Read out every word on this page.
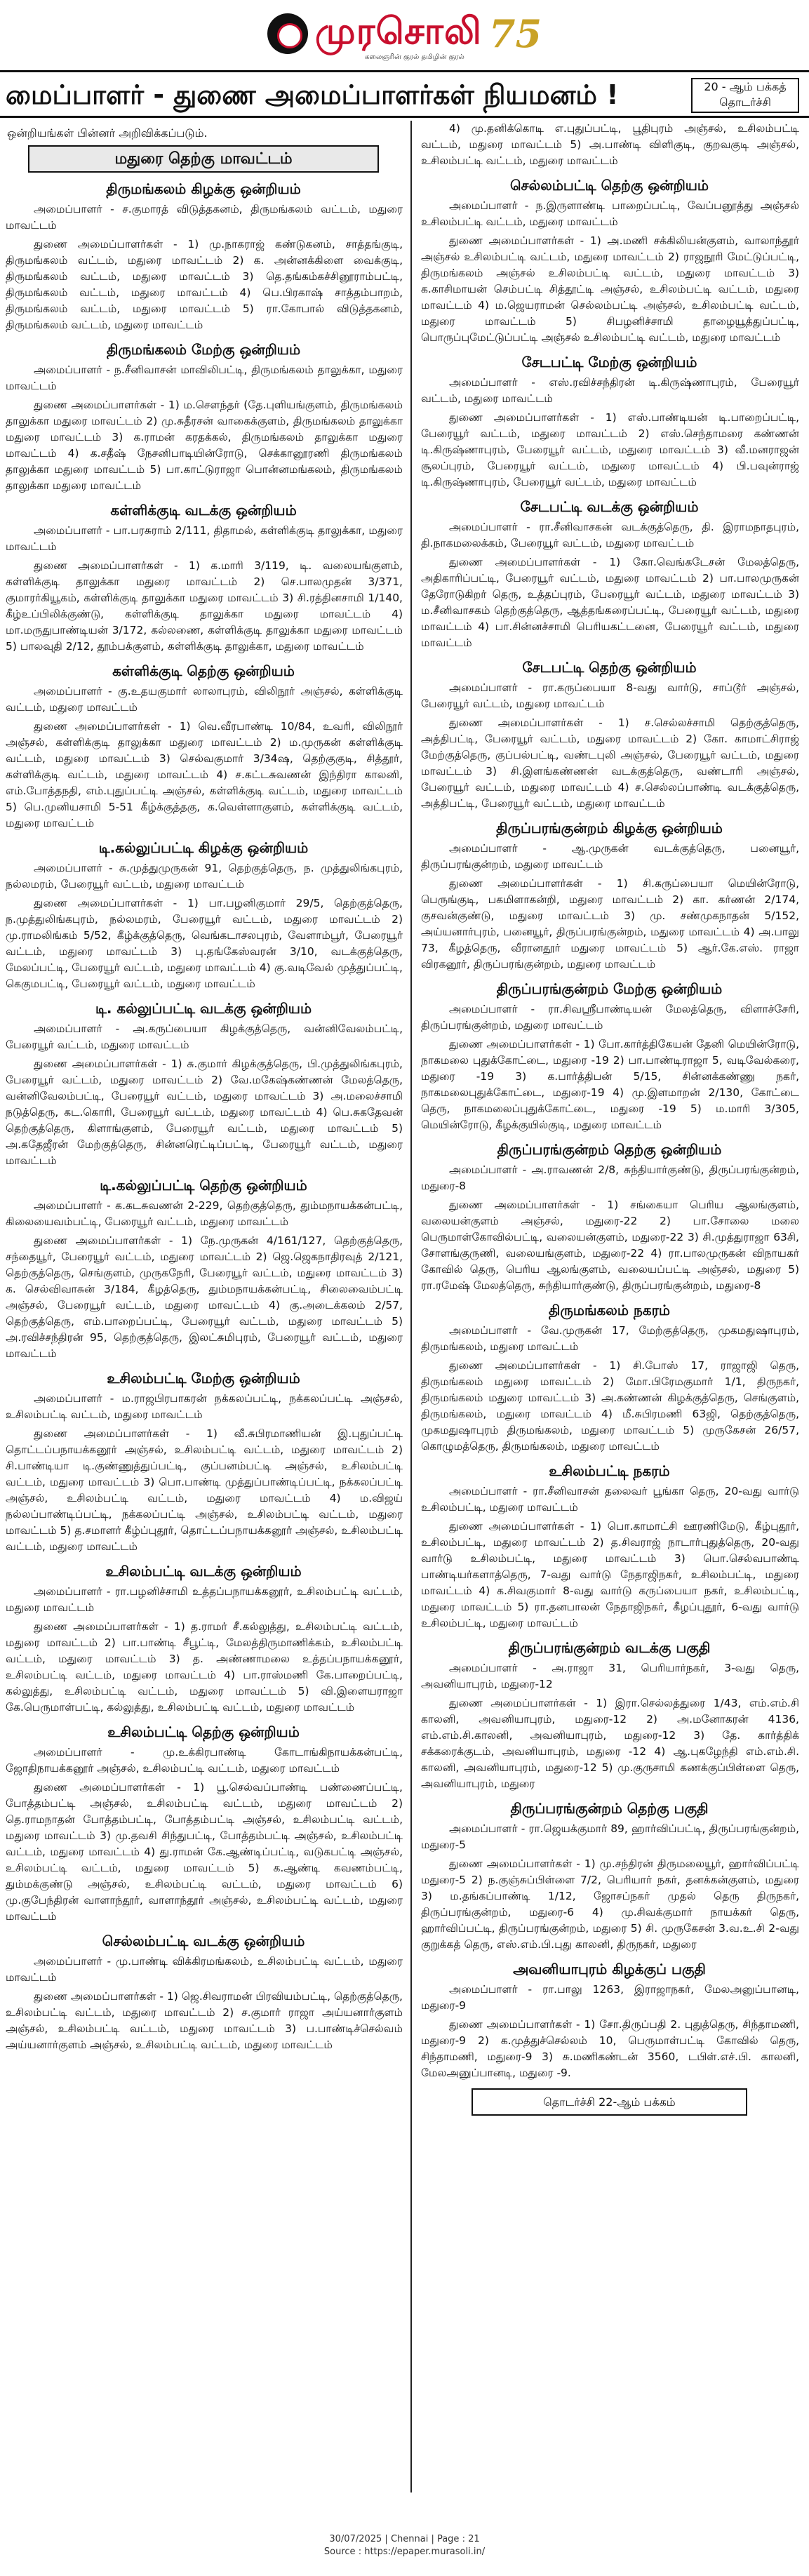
முரசொலி 75
கலைஞரின் குரல் தமிழின் குரல்
மைப்பாளர் - துணை அமைப்பாளர்கள் நியமனம் !	20 - ஆம் பக்கத்
தொடர்ச்சி
ஒன்றியங்கள் பின்னர் அறிவிக்கப்படும்.
மதுரை தெற்கு மாவட்டம்
திருமங்கலம் கிழக்கு ஒன்றியம்
அமைப்பாளர் - ச.குமாரத் விடுத்தகனம், திருமங்கலம் வட்டம், மதுரை மாவட்டம்
துணை அமைப்பாளர்கள் - 1) மு.நாகராஜ் கண்டுகனம், சாத்தங்குடி, திருமங்கலம் வட்டம், மதுரை மாவட்டம் 2) க. அன்னக்கிளை வைக்குடி, திருமங்கலம் வட்டம், மதுரை மாவட்டம் 3) தெ.தங்கம்கச்சினூராம்பட்டி, திருமங்கலம் வட்டம், மதுரை மாவட்டம் 4) பெ.பிரகாஷ் சாத்தம்பாறம், திருமங்கலம் வட்டம், மதுரை மாவட்டம் 5) ரா.கோபால் விடுத்தகனம், திருமங்கலம் வட்டம், மதுரை மாவட்டம்
திருமங்கலம் மேற்கு ஒன்றியம்
அமைப்பாளர் - ந.சீனிவாசன் மாவிலிபட்டி, திருமங்கலம் தாலுக்கா, மதுரை மாவட்டம்
துணை அமைப்பாளர்கள் - 1) ம.செளந்தர் (தே.புளியங்குளம், திருமங்கலம் தாலுக்கா மதுரை மாவட்டம் 2) மு.சுதீரசன் வாகைக்குளம், திருமங்கலம் தாலுக்கா மதுரை மாவட்டம் 3) க.ராமன் கரதக்கல், திருமங்கலம் தாலுக்கா மதுரை மாவட்டம் 4) க.சதீஷ் நேசனிபாடியின்ரோடு, செக்கானூரணி திருமங்கலம் தாலுக்கா மதுரை மாவட்டம் 5) பா.காட்டுராஜா பொன்னமங்கலம், திருமங்கலம் தாலுக்கா மதுரை மாவட்டம்
கள்ளிக்குடி வடக்கு ஒன்றியம்
அமைப்பாளர் - பா.பரசுராம் 2/111, திதாமல், கள்ளிக்குடி தாலுக்கா, மதுரை மாவட்டம்
துணை அமைப்பாளர்கள் - 1) க.மாரி 3/119, டி. வலையங்குளம், கள்ளிக்குடி தாலுக்கா மதுரை மாவட்டம் 2) செ.பாலமுதன் 3/371, குமாரர்கியூகம், கள்ளிக்குடி தாலுக்கா மதுரை மாவட்டம் 3) சி.ரத்தினசாமி 1/140, கீழ்உப்பிலிக்குண்டு, கள்ளிக்குடி தாலுக்கா மதுரை மாவட்டம் 4) மா.மருதுபாண்டியன் 3/172, கல்லணை, கள்ளிக்குடி தாலுக்கா மதுரை மாவட்டம் 5) பாலவுதி 2/12, தூம்பக்குளம், கள்ளிக்குடி தாலுக்கா, மதுரை மாவட்டம்
கள்ளிக்குடி தெற்கு ஒன்றியம்
அமைப்பாளர் - கு.உதயகுமார் லாலாபுரம், விலிநூர் அஞ்சல், கள்ளிக்குடி வட்டம், மதுரை மாவட்டம்
துணை அமைப்பாளர்கள் - 1) வெ.வீரபாண்டி 10/84, உவரி, விலிநூர் அஞ்சல், கள்ளிக்குடி தாலுக்கா மதுரை மாவட்டம் 2) ம.முருகன் கள்ளிக்குடி வட்டம், மதுரை மாவட்டம் 3) செல்வகுமார் 3/34ஷ, தெற்குகுடி, சித்தூர், கள்ளிக்குடி வட்டம், மதுரை மாவட்டம் 4) ச.கட்டசுவணன் இந்திரா காலனி, எம்.போத்தநதி, எம்.புதுப்பட்டி அஞ்சல், கள்ளிக்குடி வட்டம், மதுரை மாவட்டம் 5) பெ.முனியசாமி 5-51 கீழ்க்குத்தகு, க.வெள்ளாகுளம், கள்ளிக்குடி வட்டம், மதுரை மாவட்டம்
டி.கல்லுப்பட்டி கிழக்கு ஒன்றியம்
அமைப்பாளர் - சு.முத்துமுருகன் 91, தெற்குத்தெரு, ந. முத்துலிங்கபுரம், நல்லமரம், பேரையூர் வட்டம், மதுரை மாவட்டம்
துணை அமைப்பாளர்கள் - 1) பா.பழனிகுமார் 29/5, தெற்குத்தெரு, ந.முத்துலிங்கபுரம், நல்லமரம், பேரையூர் வட்டம், மதுரை மாவட்டம் 2) மு.ராமலிங்கம் 5/52, கீழ்க்குத்தெரு, வெங்கடாசலபுரம், வேளாம்பூர், பேரையூர் வட்டம், மதுரை மாவட்டம் 3) பு.தங்கேஸ்வரன் 3/10, வடக்குத்தெரு, மேலப்பட்டி, பேரையூர் வட்டம், மதுரை மாவட்டம் 4) கு.வடிவேல் முத்துப்பட்டி, கெகுமபட்டி, பேரையூர் வட்டம், மதுரை மாவட்டம்
டி. கல்லுப்பட்டி வடக்கு ஒன்றியம்
அமைப்பாளர் - அ.கருப்பையா கிழக்குத்தெரு, வன்னிவேலம்பட்டி, பேரையூர் வட்டம், மதுரை மாவட்டம்
துணை அமைப்பாளர்கள் - 1) சு.குமார் கிழக்குத்தெரு, பி.முத்துலிங்கபுரம், பேரையூர் வட்டம், மதுரை மாவட்டம் 2) வே.மகேஷ்கண்ணன் மேலத்தெரு, வன்னிவேலம்பட்டி, பேரையூர் வட்டம், மதுரை மாவட்டம் 3) அ.மலைச்சாமி நடுத்தெரு, கட.கொரி, பேரையூர் வட்டம், மதுரை மாவட்டம் 4) பெ.சுகதேவன் தெற்குத்தெரு, கிளாங்குளம், பேரையூர் வட்டம், மதுரை மாவட்டம் 5) அ.கதேஜீரன் மேற்குத்தெரு, சின்னரெட்டிப்பட்டி, பேரையூர் வட்டம், மதுரை மாவட்டம்
டி.கல்லுப்பட்டி தெற்கு ஒன்றியம்
அமைப்பாளர் - க.கடசுவணன் 2-229, தெற்குத்தெரு, தும்மநாயக்கன்பட்டி, கிலையைவம்பட்டி, பேரையூர் வட்டம், மதுரை மாவட்டம்
துணை அமைப்பாளர்கள் - 1) நே.முருகன் 4/161/127, தெற்குத்தெரு, சந்தையூர், பேரையூர் வட்டம், மதுரை மாவட்டம் 2) ஜெ.ஜெகநாதிரவுத் 2/121, தெற்குத்தெரு, செங்குளம், முருகநேரி, பேரையூர் வட்டம், மதுரை மாவட்டம் 3) க. செல்விவாசுன் 3/184, கீழத்தெரு, தும்மநாயக்கன்பட்டி, சிலைவைம்பட்டி அஞ்சல், பேரையூர் வட்டம், மதுரை மாவட்டம் 4) கு.அடைக்கலம் 2/57, தெற்குத்தெரு, எம்.பாறைப்பட்டி, பேரையூர் வட்டம், மதுரை மாவட்டம் 5) அ.ரவிச்சந்திரன் 95, தெற்குத்தெரு, இலட்சுமிபுரம், பேரையூர் வட்டம், மதுரை மாவட்டம்
உசிலம்பட்டி மேற்கு ஒன்றியம்
அமைப்பாளர் - ம.ராஜபிரபாகரன் நக்கலப்பட்டி, நக்கலப்பட்டி அஞ்சல், உசிலம்பட்டி வட்டம், மதுரை மாவட்டம்
துணை அமைப்பாளர்கள் - 1) வீ.சுபிரமாணியன் இ.புதுப்பட்டி தொட்டப்பநாயக்கனூர் அஞ்சல், உசிலம்பட்டி வட்டம், மதுரை மாவட்டம் 2) சி.பாண்டியா டி.குண்ணுத்துப்பட்டி, குப்பனம்பட்டி அஞ்சல், உசிலம்பட்டி வட்டம், மதுரை மாவட்டம் 3) பொ.பாண்டி முத்துப்பாண்டிப்பட்டி, நக்கலப்பட்டி அஞ்சல், உசிலம்பட்டி வட்டம், மதுரை மாவட்டம் 4) ம.விஜய் நல்லப்பாண்டிப்பட்டி, நக்கலப்பட்டி அஞ்சல், உசிலம்பட்டி வட்டம், மதுரை மாவட்டம் 5) த.சமாளர் கீழ்ப்புதூர், தொட்டப்பநாயக்கனூர் அஞ்சல், உசிலம்பட்டி வட்டம், மதுரை மாவட்டம்
உசிலம்பட்டி வடக்கு ஒன்றியம்
அமைப்பாளர் - ரா.பழனிச்சாமி உத்தப்பநாயக்கனூர், உசிலம்பட்டி வட்டம், மதுரை மாவட்டம்
துணை அமைப்பாளர்கள் - 1) த.ராமர் சீ.கல்லுத்து, உசிலம்பட்டி வட்டம், மதுரை மாவட்டம் 2) பா.பாண்டி சீபூட்டி, மேலத்திருமாணிக்கம், உசிலம்பட்டி வட்டம், மதுரை மாவட்டம் 3) த. அண்ணாமலை உத்தப்பநாயக்கனூர், உசிலம்பட்டி வட்டம், மதுரை மாவட்டம் 4) பா.ராஸ்மணி கே.பாறைப்பட்டி, கல்லுத்து, உசிலம்பட்டி வட்டம், மதுரை மாவட்டம் 5) வி.இளையராஜா கே.பெருமாள்பட்டி, கல்லுத்து, உசிலம்பட்டி வட்டம், மதுரை மாவட்டம்
உசிலம்பட்டி தெற்கு ஒன்றியம்
அமைப்பாளர் - மு.உக்கிரபாண்டி கோடாங்கிநாயக்கன்பட்டி, ஜோதிநாயக்கனூர் அஞ்சல், உசிலம்பட்டி வட்டம், மதுரை மாவட்டம்
துணை அமைப்பாளர்கள் - 1) பூ.செல்வப்பாண்டி பண்ணைப்பட்டி, போத்தம்பட்டி அஞ்சல், உசிலம்பட்டி வட்டம், மதுரை மாவட்டம் 2) தெ.ராமநாதன் போத்தம்பட்டி, போத்தம்பட்டி அஞ்சல், உசிலம்பட்டி வட்டம், மதுரை மாவட்டம் 3) மு.தவசி சிந்துபட்டி, போத்தம்பட்டி அஞ்சல், உசிலம்பட்டி வட்டம், மதுரை மாவட்டம் 4) து.ராமன் கே.ஆண்டிப்பட்டி, வடுகபட்டி அஞ்சல், உசிலம்பட்டி வட்டம், மதுரை மாவட்டம் 5) க.ஆண்டி கவணம்பட்டி, தும்மக்குண்டு அஞ்சல், உசிலம்பட்டி வட்டம், மதுரை மாவட்டம் 6) மு.குபேந்திரன் வாளாந்தூர், வாளாந்தூர் அஞ்சல், உசிலம்பட்டி வட்டம், மதுரை மாவட்டம்
செல்லம்பட்டி வடக்கு ஒன்றியம்
அமைப்பாளர் - மு.பாண்டி விக்கிரமங்கலம், உசிலம்பட்டி வட்டம், மதுரை மாவட்டம்
துணை அமைப்பாளர்கள் - 1) ஜெ.சிவராமன் பிரவியம்பட்டி, தெற்குத்தெரு, உசிலம்பட்டி வட்டம், மதுரை மாவட்டம் 2) ச.குமார் ராஜா அய்யனார்குளம் அஞ்சல், உசிலம்பட்டி வட்டம், மதுரை மாவட்டம் 3) ப.பாண்டிச்செல்வம் அய்யனார்குளம் அஞ்சல், உசிலம்பட்டி வட்டம், மதுரை மாவட்டம்
4) மு.தனிக்கொடி எ.புதுப்பட்டி, பூதிபுரம் அஞ்சல், உசிலம்பட்டி வட்டம், மதுரை மாவட்டம் 5) அ.பாண்டி விளிகுடி, குறவகுடி அஞ்சல், உசிலம்பட்டி வட்டம், மதுரை மாவட்டம்
செல்லம்பட்டி தெற்கு ஒன்றியம்
அமைப்பாளர் - ந.இருளாண்டி பாறைப்பட்டி, வேப்பனூத்து அஞ்சல் உசிலம்பட்டி வட்டம், மதுரை மாவட்டம்
துணை அமைப்பாளர்கள் - 1) அ.மணி சக்கிலியன்குளம், வாலாந்தூர் அஞ்சல் உசிலம்பட்டி வட்டம், மதுரை மாவட்டம் 2) ராஜநூரி மேட்டுப்பட்டி, திருமங்கலம் அஞ்சல் உசிலம்பட்டி வட்டம், மதுரை மாவட்டம் 3) க.காசிமாயன் செம்பட்டி சித்தூட்டி அஞ்சல், உசிலம்பட்டி வட்டம், மதுரை மாவட்டம் 4) ம.ஜெயராமன் செல்லம்பட்டி அஞ்சல், உசிலம்பட்டி வட்டம், மதுரை மாவட்டம் 5) சிபழனிச்சாமி தாழையூத்துப்பட்டி, பொருப்புமேட்டுப்பட்டி அஞ்சல் உசிலம்பட்டி வட்டம், மதுரை மாவட்டம்
சேடபட்டி மேற்கு ஒன்றியம்
அமைப்பாளர் - எஸ்.ரவிச்சந்திரன் டி.கிருஷ்ணாபுரம், பேரையூர் வட்டம், மதுரை மாவட்டம்
துணை அமைப்பாளர்கள் - 1) எஸ்.பாண்டியன் டி.பாறைப்பட்டி, பேரையூர் வட்டம், மதுரை மாவட்டம் 2) எஸ்.செந்தாமரை கண்ணன் டி.கிருஷ்ணாபுரம், பேரையூர் வட்டம், மதுரை மாவட்டம் 3) வீ.மனராஜன் சூலப்புரம், பேரையூர் வட்டம், மதுரை மாவட்டம் 4) பி.பவுன்ராஜ் டி.கிருஷ்ணாபுரம், பேரையூர் வட்டம், மதுரை மாவட்டம்
சேடபட்டி வடக்கு ஒன்றியம்
அமைப்பாளர் - ரா.சீனிவாசகன் வடக்குத்தெரு, தி. இராமநாதபுரம், தி.நாகமலைக்கம், பேரையூர் வட்டம், மதுரை மாவட்டம்
துணை அமைப்பாளர்கள் - 1) கோ.வெங்கடேசன் மேலத்தெரு, அதிகாரிப்பட்டி, பேரையூர் வட்டம், மதுரை மாவட்டம் 2) பா.பாலமுருகன் தேரோடுகிறர் தெரு, உத்தப்புரம், பேரையூர் வட்டம், மதுரை மாவட்டம் 3) ம.சீனிவாசகம் தெற்குத்தெரு, ஆத்தங்கரைப்பட்டி, பேரையூர் வட்டம், மதுரை மாவட்டம் 4) பா.சின்னச்சாமி பெரியகட்டனை, பேரையூர் வட்டம், மதுரை மாவட்டம்
சேடபட்டி தெற்கு ஒன்றியம்
அமைப்பாளர் - ரா.கருப்பையா 8-வது வார்டு, சாப்டூர் அஞ்சல், பேரையூர் வட்டம், மதுரை மாவட்டம்
துணை அமைப்பாளர்கள் - 1) ச.செல்லச்சாமி தெற்குத்தெரு, அத்திபட்டி, பேரையூர் வட்டம், மதுரை மாவட்டம் 2) கோ. காமாட்சிராஜ் மேற்குத்தெரு, குப்பல்பட்டி, வண்டபுலி அஞ்சல், பேரையூர் வட்டம், மதுரை மாவட்டம் 3) சி.இளங்கண்ணன் வடக்குத்தெரு, வண்டாரி அஞ்சல், பேரையூர் வட்டம், மதுரை மாவட்டம் 4) ச.செல்லப்பாண்டி வடக்குத்தெரு, அத்திபட்டி, பேரையூர் வட்டம், மதுரை மாவட்டம்
திருப்பரங்குன்றம் கிழக்கு ஒன்றியம்
அமைப்பாளர் - ஆ.முருகன் வடக்குத்தெரு, பனையூர், திருப்பரங்குன்றம், மதுரை மாவட்டம்
துணை அமைப்பாளர்கள் - 1) சி.கருப்பையா மெயின்ரோடு, பெருங்குடி, பகமிளாகன்றி, மதுரை மாவட்டம் 2) கா. கர்ணன் 2/174, குசவன்குண்டு, மதுரை மாவட்டம் 3) மு. சண்முகநாதன் 5/152, அய்யனார்புரம், பனையூர், திருப்பரங்குன்றம், மதுரை மாவட்டம் 4) அ.பாலு 73, கீழத்தெரு, வீரானதூர் மதுரை மாவட்டம் 5) ஆர்.கே.எஸ். ராஜா விரகனூர், திருப்பரங்குன்றம், மதுரை மாவட்டம்
திருப்பரங்குன்றம் மேற்கு ஒன்றியம்
அமைப்பாளர் - ரா.சிவஸ்ரீபாண்டியன் மேலத்தெரு, விளாச்சேரி, திருப்பரங்குன்றம், மதுரை மாவட்டம்
துணை அமைப்பாளர்கள் - 1) போ.கார்த்திகேயன் தேனி மெயின்ரோடு, நாகமலை புதுக்கோட்டை, மதுரை -19 2) பா.பாண்டிராஜா 5, வடிவேல்கரை, மதுரை -19 3) க.பார்த்திபன் 5/15, சின்னக்கண்ணு நகர், நாகமலைபுதுக்கோட்டை, மதுரை-19 4) மு.இளமாறன் 2/130, கோட்டை தெரு, நாகமலைப்புதுக்கோட்டை, மதுரை -19 5) ம.மாரி 3/305, மெயின்ரோடு, கீழக்குயில்குடி, மதுரை மாவட்டம்
திருப்பரங்குன்றம் தெற்கு ஒன்றியம்
அமைப்பாளர் - அ.ராவணன் 2/8, சுந்தியார்குண்டு, திருப்பரங்குன்றம், மதுரை-8
துணை அமைப்பாளர்கள் - 1) சங்கையா பெரிய ஆலங்குளம், வலையன்குளம் அஞ்சல், மதுரை-22 2) பா.சோலை மலை பெருமாள்கோவில்பட்டி, வலையன்குளம், மதுரை-22 3) சி.முத்துராஜா 63சி, சோளங்குருணி, வலையங்குளம், மதுரை-22 4) ரா.பாலமுருகன் விநாயகர் கோவில் தெரு, பெரிய ஆலங்குளம், வலையப்பட்டி அஞ்சல், மதுரை 5) ரா.ரமேஷ் மேலத்தெரு, சுந்தியார்குண்டு, திருப்பரங்குன்றம், மதுரை-8
திருமங்கலம் நகரம்
அமைப்பாளர் - வே.முருகன் 17, மேற்குத்தெரு, முகமதுஷாபுரம், திருமங்கலம், மதுரை மாவட்டம்
துணை அமைப்பாளர்கள் - 1) சி.போஸ் 17, ராஜாஜி தெரு, திருமங்கலம் மதுரை மாவட்டம் 2) மோ.பிரேமகுமார் 1/1, திருநகர், திருமங்கலம் மதுரை மாவட்டம் 3) அ.கண்ணன் கிழக்குத்தெரு, செங்குளம், திருமங்கலம், மதுரை மாவட்டம் 4) மீ.சுபிரமணி 63ஜி, தெற்குத்தெரு, முகமதுஷாபுரம் திருமங்கலம், மதுரை மாவட்டம் 5) முருகேசன் 26/57, கொழுமத்தெரு, திருமங்கலம், மதுரை மாவட்டம்
உசிலம்பட்டி நகரம்
அமைப்பாளர் - ரா.சீனிவாசன் தலைவர் பூங்கா தெரு, 20-வது வார்டு உசிலம்பட்டி, மதுரை மாவட்டம்
துணை அமைப்பாளர்கள் - 1) பொ.காமாட்சி ஊரணிமேடு, கீழ்புதூர், உசிலம்பட்டி, மதுரை மாவட்டம் 2) த.சிவராஜ் நாடார்புதுத்தெரு, 20-வது வார்டு உசிலம்பட்டி, மதுரை மாவட்டம் 3) பொ.செல்வபாண்டி பாண்டியர்களாத்தெரு, 7-வது வார்டு நேதாஜிநகர், உசிலம்பட்டி, மதுரை மாவட்டம் 4) க.சிவகுமார் 8-வது வார்டு கருப்பையா நகர், உசிலம்பட்டி, மதுரை மாவட்டம் 5) ரா.தனபாலன் நேதாஜிநகர், கீழப்புதூர், 6-வது வார்டு உசிலம்பட்டி, மதுரை மாவட்டம்
திருப்பரங்குன்றம் வடக்கு பகுதி
அமைப்பாளர் - அ.ராஜா 31, பெரியார்நகர், 3-வது தெரு, அவனியாபுரம், மதுரை-12
துணை அமைப்பாளர்கள் - 1) இரா.செல்லத்துரை 1/43, எம்.எம்.சி காலனி, அவனியாபுரம், மதுரை-12 2) அ.மனோகரன் 4136, எம்.எம்.சி.காலனி, அவனியாபுரம், மதுரை-12 3) தே. கார்த்திக் சக்கரைக்குடம், அவனியாபுரம், மதுரை -12 4) ஆ.புகழேந்தி எம்.எம்.சி. காலனி, அவனியாபுரம், மதுரை-12 5) மு.குருசாமி கணக்குப்பிள்ளை தெரு, அவனியாபுரம், மதுரை
திருப்பரங்குன்றம் தெற்கு பகுதி
அமைப்பாளர் - ரா.ஜெயக்குமார் 89, ஹார்விப்பட்டி, திருப்பரங்குன்றம், மதுரை-5
துணை அமைப்பாளர்கள் - 1) மு.சந்திரன் திருமலையூர், ஹார்விப்பட்டி மதுரை-5 2) ந.குஞ்சுப்பிள்ளை 7/2, பெரியார் நகர், தனக்கன்குளம், மதுரை 3) ம.தங்கப்பாண்டி 1/12, ஜோசப்நகர் முதல் தெரு திருநகர், திருப்பரங்குன்றம், மதுரை-6 4) மு.சிவக்குமார் நாயக்கர் தெரு, ஹார்விப்பட்டி, திருப்பரங்குன்றம், மதுரை 5) சி. முருகேசன் 3.வ.உ.சி 2-வது குறுக்கத் தெரு, எஸ்.எம்.பி.புது காலனி, திருநகர், மதுரை
அவனியாபுரம் கிழக்குப் பகுதி
அமைப்பாளர் - ரா.பாலு 1263, இராஜாநகர், மேலஅனுப்பானடி, மதுரை-9
துணை அமைப்பாளர்கள் - 1) சோ.திருப்பதி 2. புதுத்தெரு, சிந்தாமணி, மதுரை-9 2) க.முத்துச்செல்லம் 10, பெருமாள்பட்டி கோவில் தெரு, சிந்தாமணி, மதுரை-9 3) சு.மணிகண்டன் 3560, டபிள்.எச்.பி. காலனி, மேலஅனுப்பானடி, மதுரை -9.
தொடர்ச்சி 22-ஆம் பக்கம்
30/07/2025 | Chennai | Page : 21
Source : https://epaper.murasoli.in/
